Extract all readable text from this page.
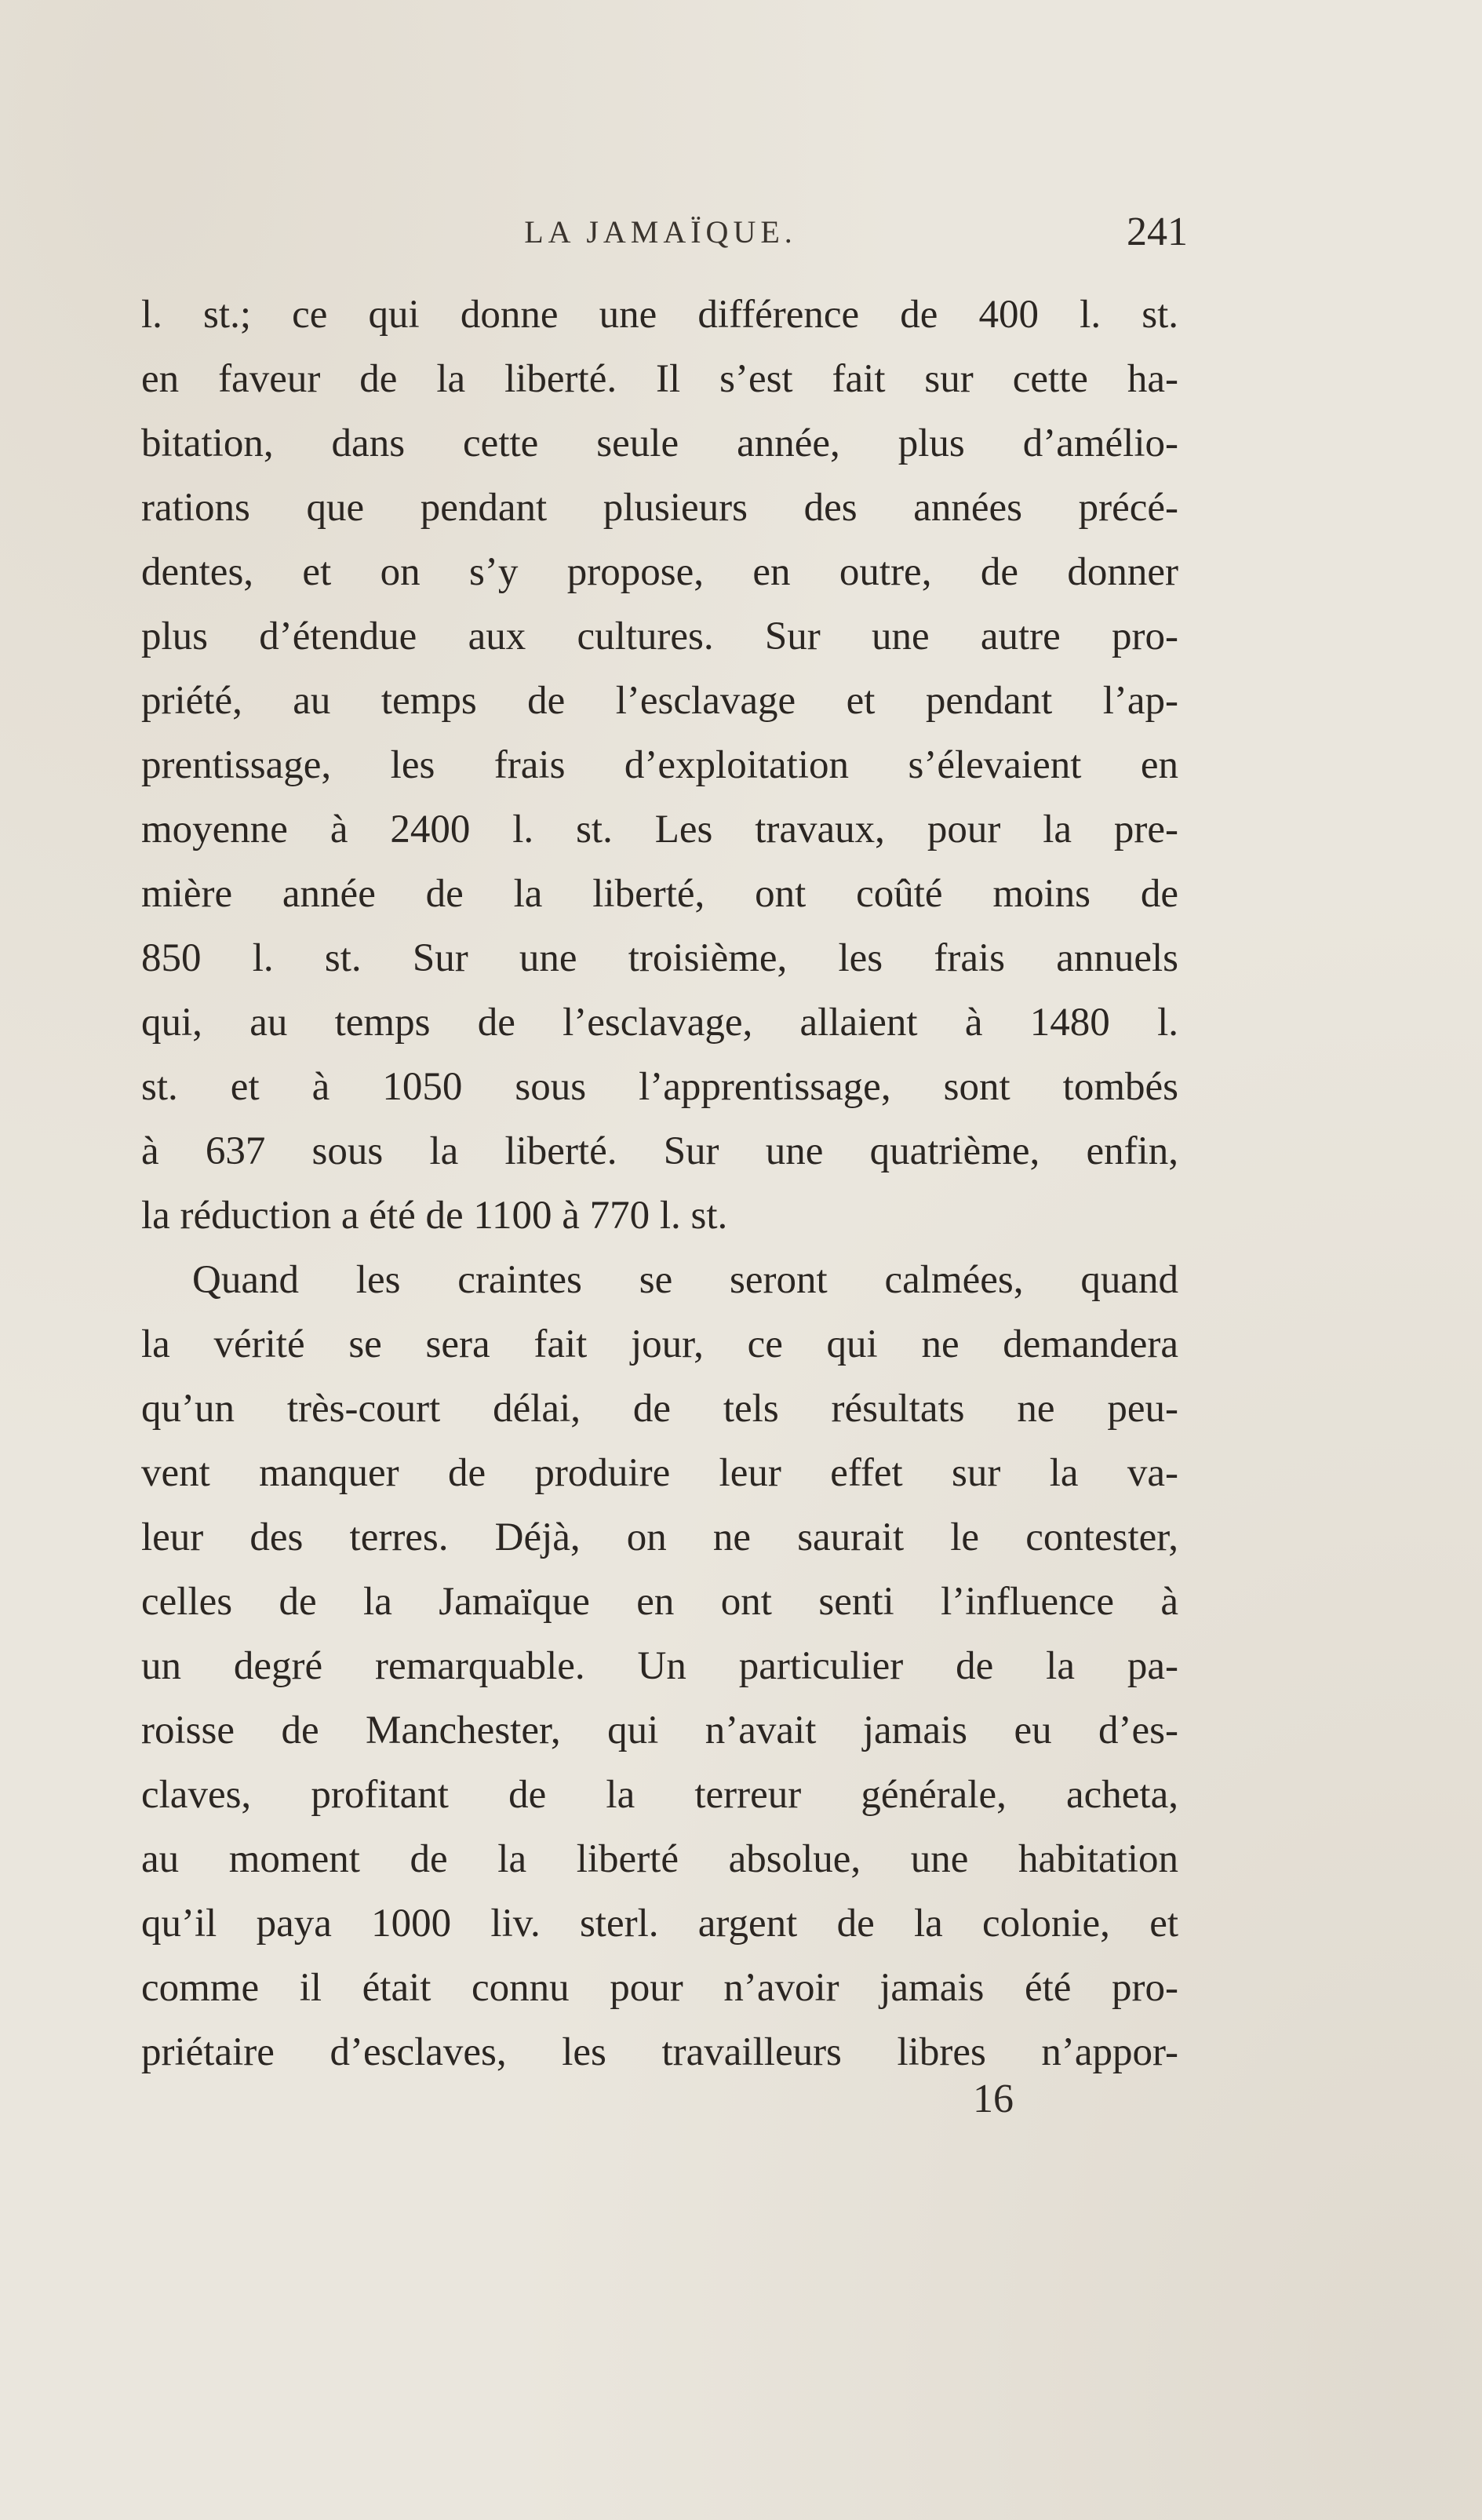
LA JAMAÏQUE.	241
l. st.; ce qui donne une différence de 400 l. st.
en faveur de la liberté. Il s’est fait sur cette ha-
bitation, dans cette seule année, plus d’amélio-
rations que pendant plusieurs des années précé-
dentes, et on s’y propose, en outre, de donner
plus d’étendue aux cultures. Sur une autre pro-
priété, au temps de l’esclavage et pendant l’ap-
prentissage, les frais d’exploitation s’élevaient en
moyenne à 2400 l. st. Les travaux, pour la pre-
mière année de la liberté, ont coûté moins de
850 l. st. Sur une troisième, les frais annuels
qui, au temps de l’esclavage, allaient à 1480 l.
st. et à 1050 sous l’apprentissage, sont tombés
à 637 sous la liberté. Sur une quatrième, enfin,
la réduction a été de 1100 à 770 l. st.
Quand les craintes se seront calmées, quand
la vérité se sera fait jour, ce qui ne demandera
qu’un très-court délai, de tels résultats ne peu-
vent manquer de produire leur effet sur la va-
leur des terres. Déjà, on ne saurait le contester,
celles de la Jamaïque en ont senti l’influence à
un degré remarquable. Un particulier de la pa-
roisse de Manchester, qui n’avait jamais eu d’es-
claves, profitant de la terreur générale, acheta,
au moment de la liberté absolue, une habitation
qu’il paya 1000 liv. sterl. argent de la colonie, et
comme il était connu pour n’avoir jamais été pro-
priétaire d’esclaves, les travailleurs libres n’appor-
16
